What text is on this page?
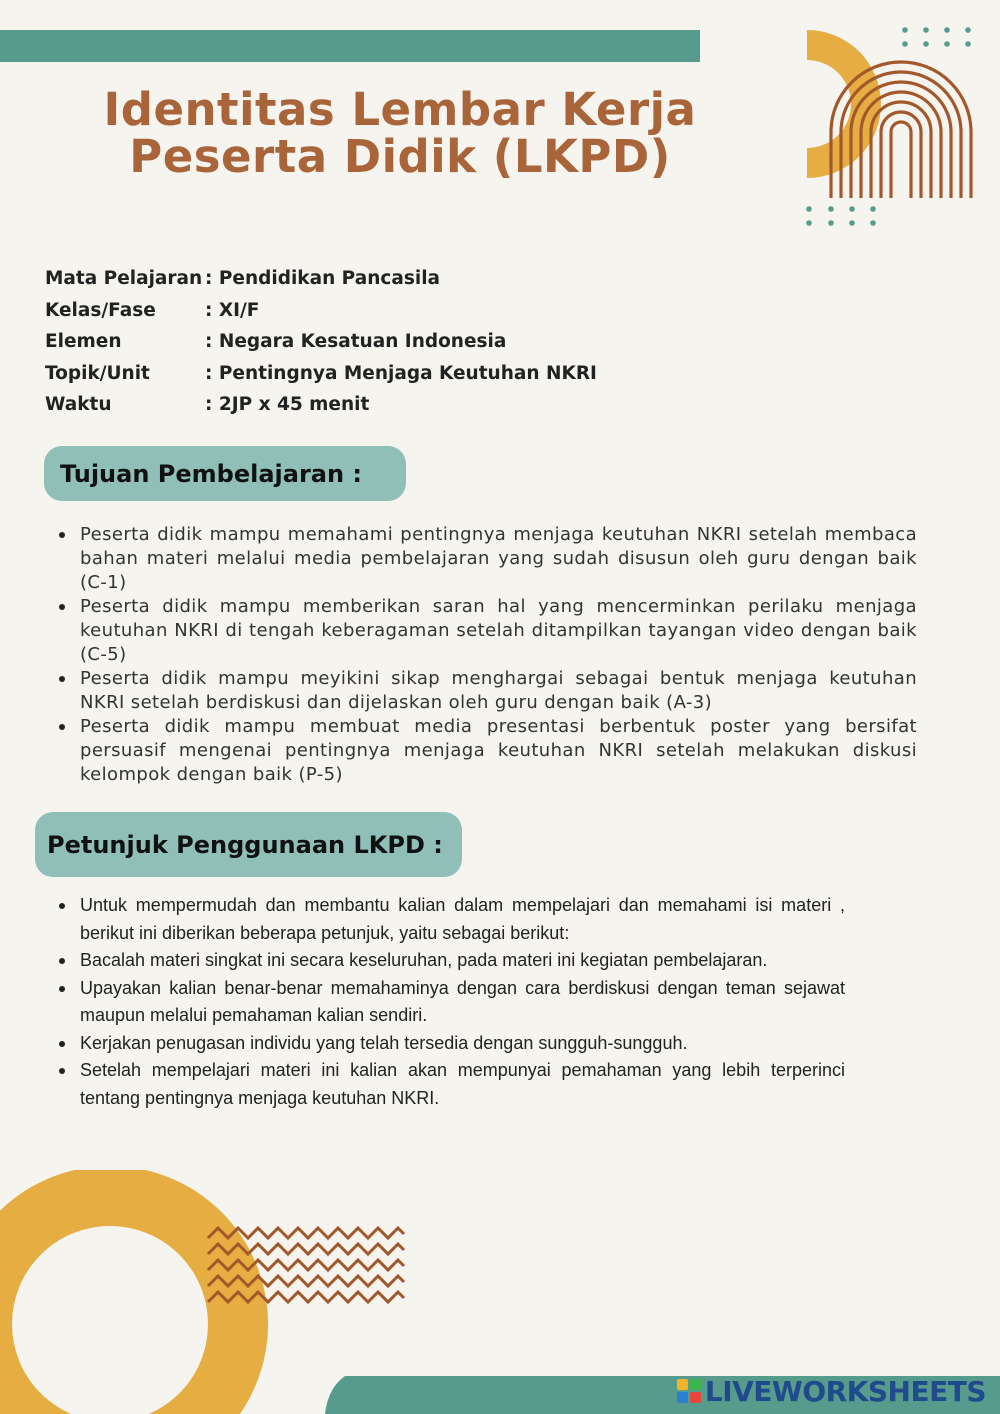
Identitas Lembar Kerja
Peserta Didik (LKPD)
Mata Pelajaran : Pendidikan Pancasila
Kelas/Fase	: XI/F
Elemen	: Negara Kesatuan Indonesia
Topik/Unit	: Pentingnya Menjaga Keutuhan NKRI
Waktu	: 2JP x 45 menit
Tujuan Pembelajaran :
Peserta didik mampu memahami pentingnya menjaga keutuhan NKRI setelah membaca bahan materi melalui media pembelajaran yang sudah disusun oleh guru dengan baik (C-1)
Peserta didik mampu memberikan saran hal yang mencerminkan perilaku menjaga keutuhan NKRI di tengah keberagaman setelah ditampilkan tayangan video dengan baik (C-5)
Peserta didik mampu meyikini sikap menghargai sebagai bentuk menjaga keutuhan NKRI setelah berdiskusi dan dijelaskan oleh guru dengan baik (A-3)
Peserta didik mampu membuat media presentasi berbentuk poster yang bersifat persuasif mengenai pentingnya menjaga keutuhan NKRI setelah melakukan diskusi kelompok dengan baik (P-5)
Petunjuk Penggunaan LKPD :
Untuk mempermudah dan membantu kalian dalam mempelajari dan memahami isi materi , berikut ini diberikan beberapa petunjuk, yaitu sebagai berikut:
Bacalah materi singkat ini secara keseluruhan, pada materi ini kegiatan pembelajaran.
Upayakan kalian benar-benar memahaminya dengan cara berdiskusi dengan teman sejawat maupun melalui pemahaman kalian sendiri.
Kerjakan penugasan individu yang telah tersedia dengan sungguh-sungguh.
Setelah mempelajari materi ini kalian akan mempunyai pemahaman yang lebih terperinci tentang pentingnya menjaga keutuhan NKRI.
LIVEWORKSHEETS
